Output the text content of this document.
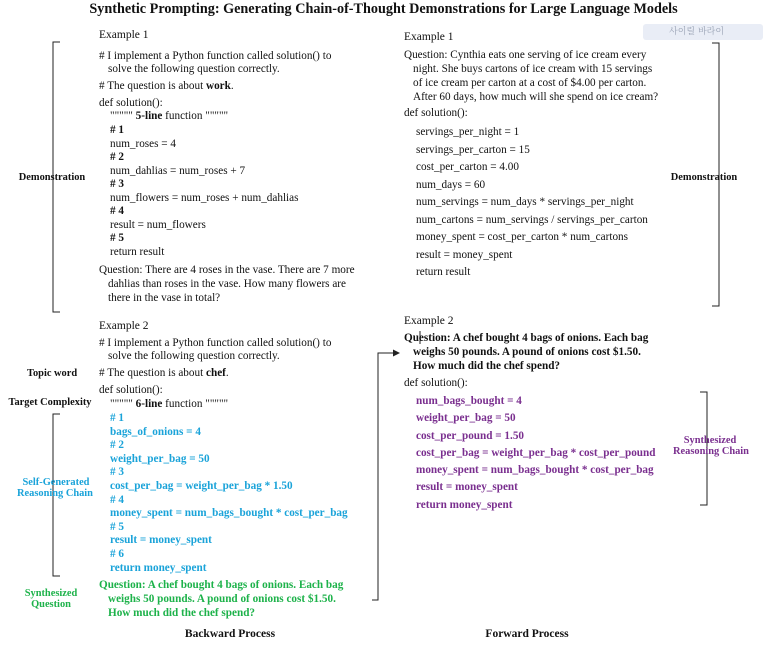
Synthetic Prompting: Generating Chain-of-Thought Demonstrations for Large Language Models
사이릴 바라이
Demonstration
Topic word
Target Complexity
Self-Generated
Reasoning Chain
Synthesized
Question
Demonstration
Synthesized
Reasoning Chain
Backward Process	Forward Process
Example 1
# I implement a Python function called solution() to
solve the following question correctly.
# The question is about work.
def solution():
""""" 5-line function """""
# 1
num_roses = 4
# 2
num_dahlias = num_roses + 7
# 3
num_flowers = num_roses + num_dahlias
# 4
result = num_flowers
# 5
return result
Question: There are 4 roses in the vase. There are 7 more
dahlias than roses in the vase. How many flowers are
there in the vase in total?
Example 2
# I implement a Python function called solution() to
solve the following question correctly.
# The question is about chef.
def solution():
""""" 6-line function """""
# 1
bags_of_onions = 4
# 2
weight_per_bag = 50
# 3
cost_per_bag = weight_per_bag * 1.50
# 4
money_spent = num_bags_bought * cost_per_bag
# 5
result = money_spent
# 6
return money_spent
Question: A chef bought 4 bags of onions. Each bag
weighs 50 pounds. A pound of onions cost $1.50.
How much did the chef spend?
Example 1
Question: Cynthia eats one serving of ice cream every
night. She buys cartons of ice cream with 15 servings
of ice cream per carton at a cost of $4.00 per carton.
After 60 days, how much will she spend on ice cream?
def solution():
servings_per_night = 1
servings_per_carton = 15
cost_per_carton = 4.00
num_days = 60
num_servings = num_days * servings_per_night
num_cartons = num_servings / servings_per_carton
money_spent = cost_per_carton * num_cartons
result = money_spent
return result
Example 2
Question: A chef bought 4 bags of onions. Each bag
weighs 50 pounds. A pound of onions cost $1.50.
How much did the chef spend?
def solution():
num_bags_bought = 4
weight_per_bag = 50
cost_per_pound = 1.50
cost_per_bag = weight_per_bag * cost_per_pound
money_spent = num_bags_bought * cost_per_bag
result = money_spent
return money_spent
